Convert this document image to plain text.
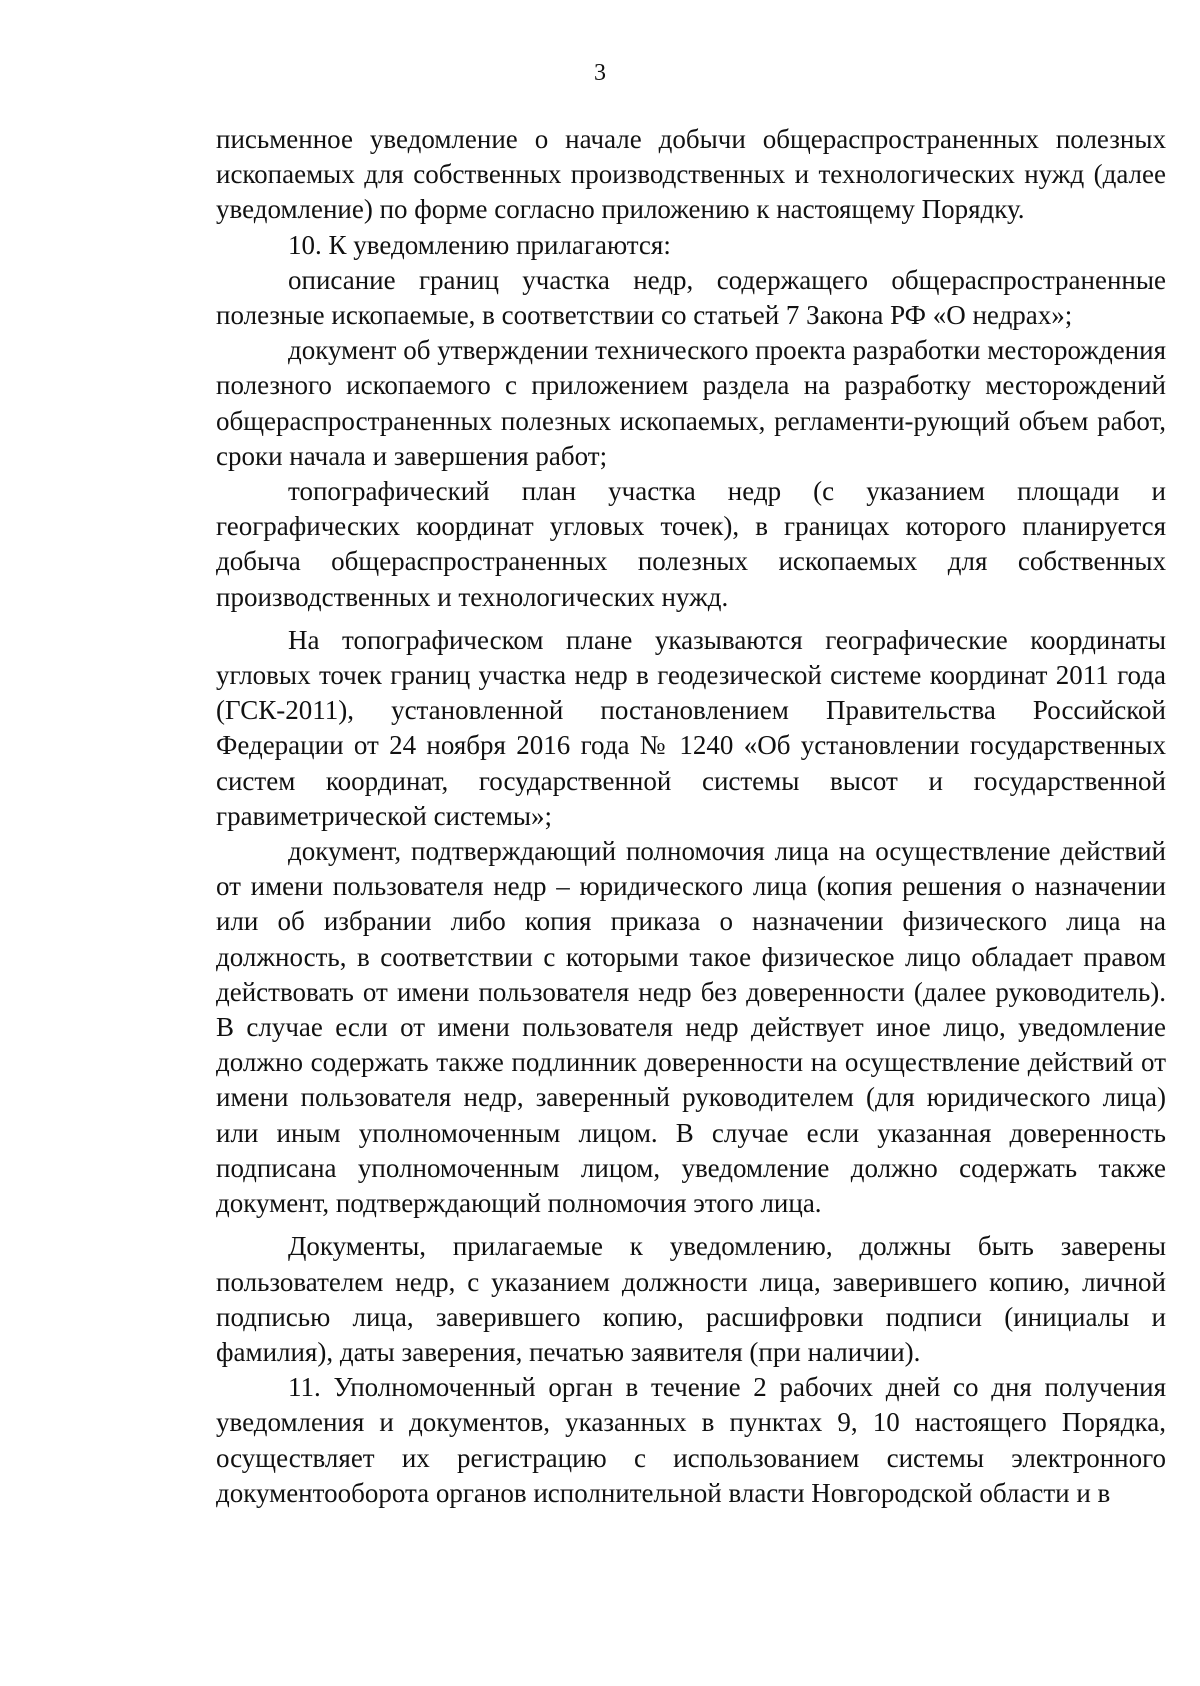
3

письменное уведомление о начале добычи общераспространенных полезных ископаемых для собственных производственных и технологических нужд (далее уведомление) по форме согласно приложению к настоящему Порядку.

10. К уведомлению прилагаются:

описание границ участка недр, содержащего общераспространенные полезные ископаемые, в соответствии со статьей 7 Закона РФ «О недрах»;

документ об утверждении технического проекта разработки месторождения полезного ископаемого с приложением раздела на разработку месторождений общераспространенных полезных ископаемых, регламенти-рующий объем работ, сроки начала и завершения работ;

топографический план участка недр (с указанием площади и географических координат угловых точек), в границах которого планируется добыча общераспространенных полезных ископаемых для собственных производственных и технологических нужд.

На топографическом плане указываются географические координаты угловых точек границ участка недр в геодезической системе координат 2011 года (ГСК-2011), установленной постановлением Правительства Российской Федерации от 24 ноября 2016 года № 1240 «Об установлении государственных систем координат, государственной системы высот и государственной гравиметрической системы»;

документ, подтверждающий полномочия лица на осуществление действий от имени пользователя недр – юридического лица (копия решения о назначении или об избрании либо копия приказа о назначении физического лица на должность, в соответствии с которыми такое физическое лицо обладает правом действовать от имени пользователя недр без доверенности (далее руководитель). В случае если от имени пользователя недр действует иное лицо, уведомление должно содержать также подлинник доверенности на осуществление действий от имени пользователя недр, заверенный руководителем (для юридического лица) или иным уполномоченным лицом. В случае если указанная доверенность подписана уполномоченным лицом, уведомление должно содержать также документ, подтверждающий полномочия этого лица.

Документы, прилагаемые к уведомлению, должны быть заверены пользователем недр, с указанием должности лица, заверившего копию, личной подписью лица, заверившего копию, расшифровки подписи (инициалы и фамилия), даты заверения, печатью заявителя (при наличии).

11. Уполномоченный орган в течение 2 рабочих дней со дня получения уведомления и документов, указанных в пунктах 9, 10 настоящего Порядка, осуществляет их регистрацию с использованием системы электронного документооборота органов исполнительной власти Новгородской области и в
